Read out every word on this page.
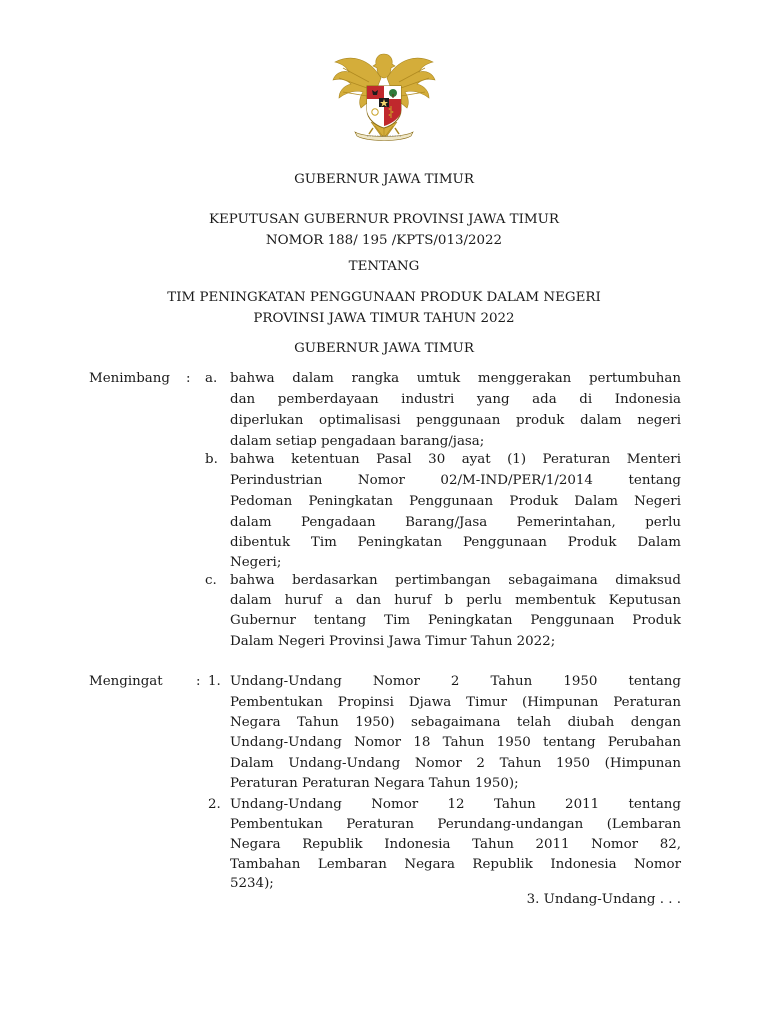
GUBERNUR JAWA TIMUR
KEPUTUSAN GUBERNUR PROVINSI JAWA TIMUR
NOMOR 188/ 195 /KPTS/013/2022
TENTANG
TIM PENINGKATAN PENGGUNAAN PRODUK DALAM NEGERI
PROVINSI JAWA TIMUR TAHUN 2022
GUBERNUR JAWA TIMUR
Menimbang : a. bahwa dalam rangka umtuk menggerakan pertumbuhan
dan pemberdayaan industri yang ada di Indonesia
diperlukan optimalisasi penggunaan produk dalam negeri
dalam setiap pengadaan barang/jasa;
b. bahwa ketentuan Pasal 30 ayat (1) Peraturan Menteri
Perindustrian Nomor 02/M-IND/PER/1/2014 tentang
Pedoman Peningkatan Penggunaan Produk Dalam Negeri
dalam Pengadaan Barang/Jasa Pemerintahan, perlu
dibentuk Tim Peningkatan Penggunaan Produk Dalam
Negeri;
c. bahwa berdasarkan pertimbangan sebagaimana dimaksud
dalam huruf a dan huruf b perlu membentuk Keputusan
Gubernur tentang Tim Peningkatan Penggunaan Produk
Dalam Negeri Provinsi Jawa Timur Tahun 2022;
Mengingat : 1. Undang-Undang Nomor 2 Tahun 1950 tentang
Pembentukan Propinsi Djawa Timur (Himpunan Peraturan
Negara Tahun 1950) sebagaimana telah diubah dengan
Undang-Undang Nomor 18 Tahun 1950 tentang Perubahan
Dalam Undang-Undang Nomor 2 Tahun 1950 (Himpunan
Peraturan Peraturan Negara Tahun 1950);
2. Undang-Undang Nomor 12 Tahun 2011 tentang
Pembentukan Peraturan Perundang-undangan (Lembaran
Negara Republik Indonesia Tahun 2011 Nomor 82,
Tambahan Lembaran Negara Republik Indonesia Nomor
5234);
3. Undang-Undang . . .
